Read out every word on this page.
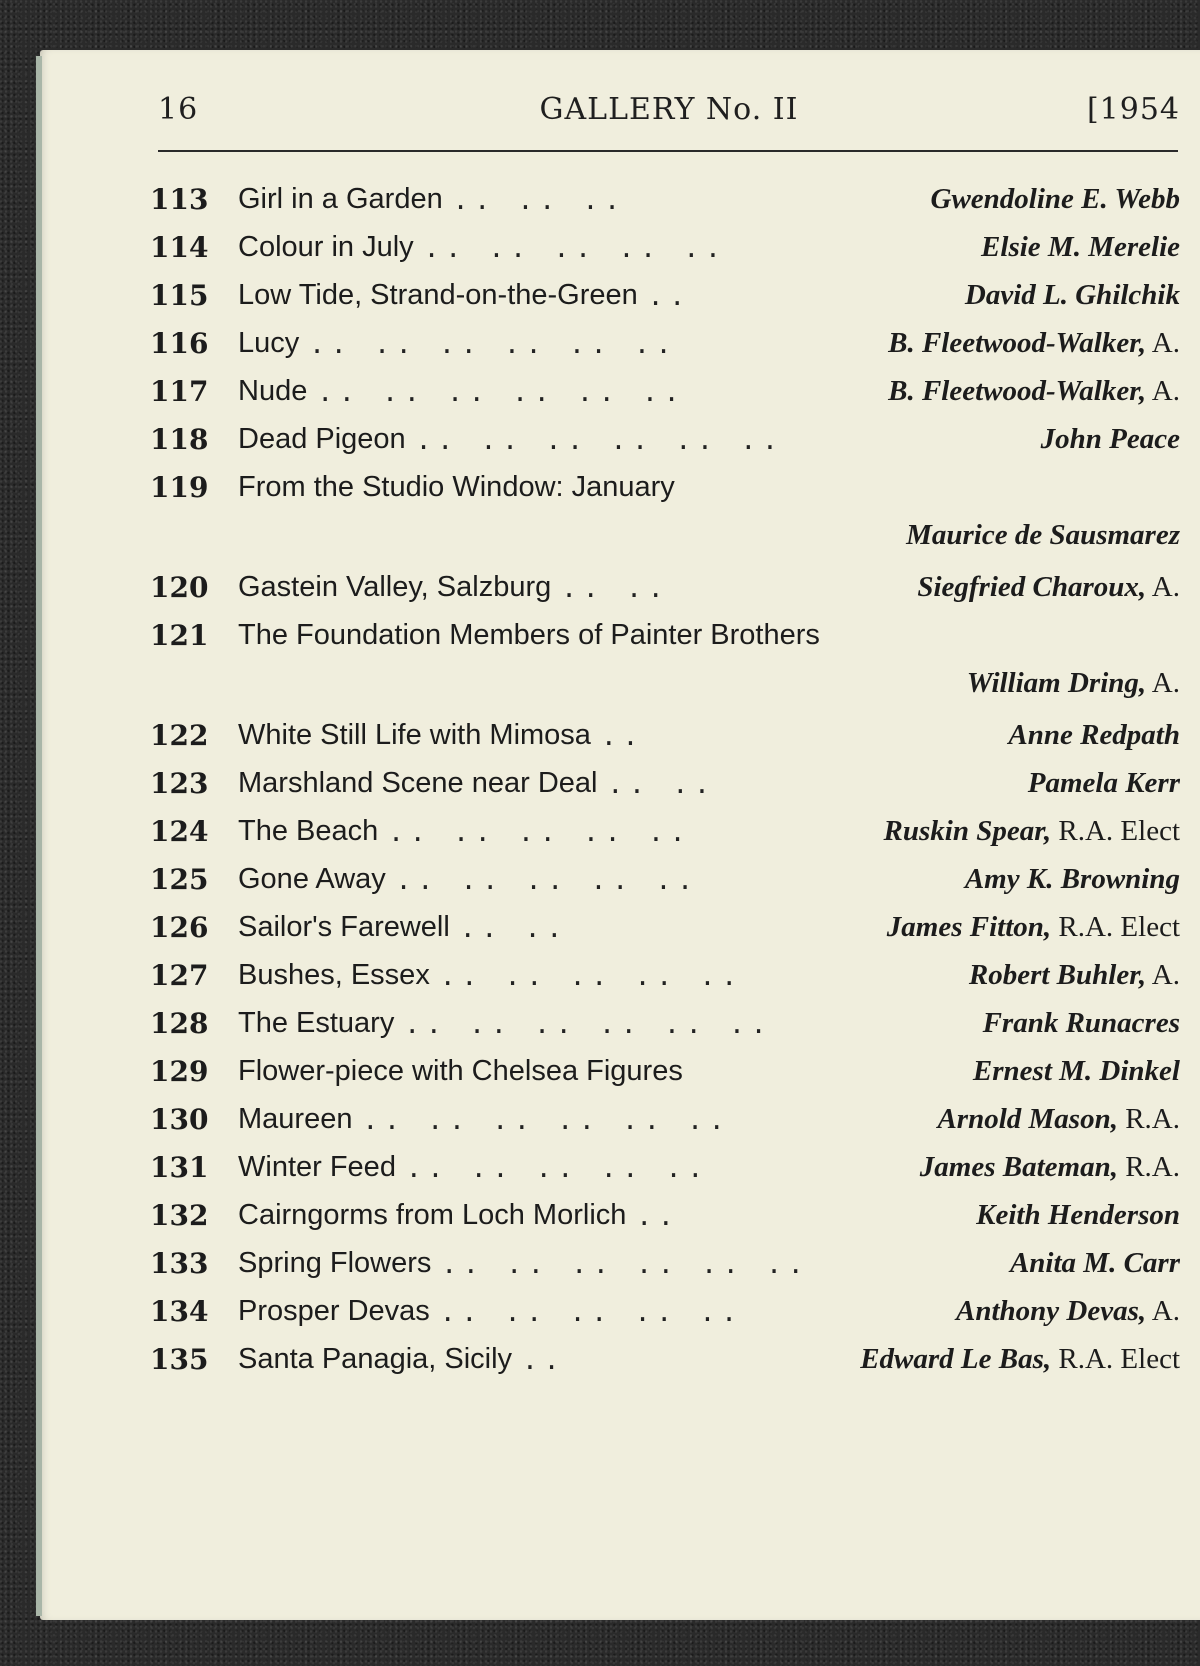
16	GALLERY No. II	[1954
113	Girl in a Garden .. .. ..	Gwendoline E. Webb
114	Colour in July .. .. .. .. ..	Elsie M. Merelie
115	Low Tide, Strand-on-the-Green ..	David L. Ghilchik
116	Lucy .. .. .. .. .. ..	B. Fleetwood-Walker, A.
117	Nude .. .. .. .. .. ..	B. Fleetwood-Walker, A.
118	Dead Pigeon .. .. .. .. .. ..	John Peace
119	From the Studio Window: January
Maurice de Sausmarez
120	Gastein Valley, Salzburg .. ..	Siegfried Charoux, A.
121	The Foundation Members of Painter Brothers
William Dring, A.
122	White Still Life with Mimosa ..	Anne Redpath
123	Marshland Scene near Deal .. ..	Pamela Kerr
124	The Beach .. .. .. .. ..	Ruskin Spear, R.A. Elect
125	Gone Away .. .. .. .. ..	Amy K. Browning
126	Sailor's Farewell .. ..	James Fitton, R.A. Elect
127	Bushes, Essex .. .. .. .. ..	Robert Buhler, A.
128	The Estuary .. .. .. .. .. ..	Frank Runacres
129	Flower-piece with Chelsea Figures	Ernest M. Dinkel
130	Maureen .. .. .. .. .. ..	Arnold Mason, R.A.
131	Winter Feed .. .. .. .. ..	James Bateman, R.A.
132	Cairngorms from Loch Morlich ..	Keith Henderson
133	Spring Flowers .. .. .. .. .. ..	Anita M. Carr
134	Prosper Devas .. .. .. .. ..	Anthony Devas, A.
135	Santa Panagia, Sicily ..	Edward Le Bas, R.A. Elect
